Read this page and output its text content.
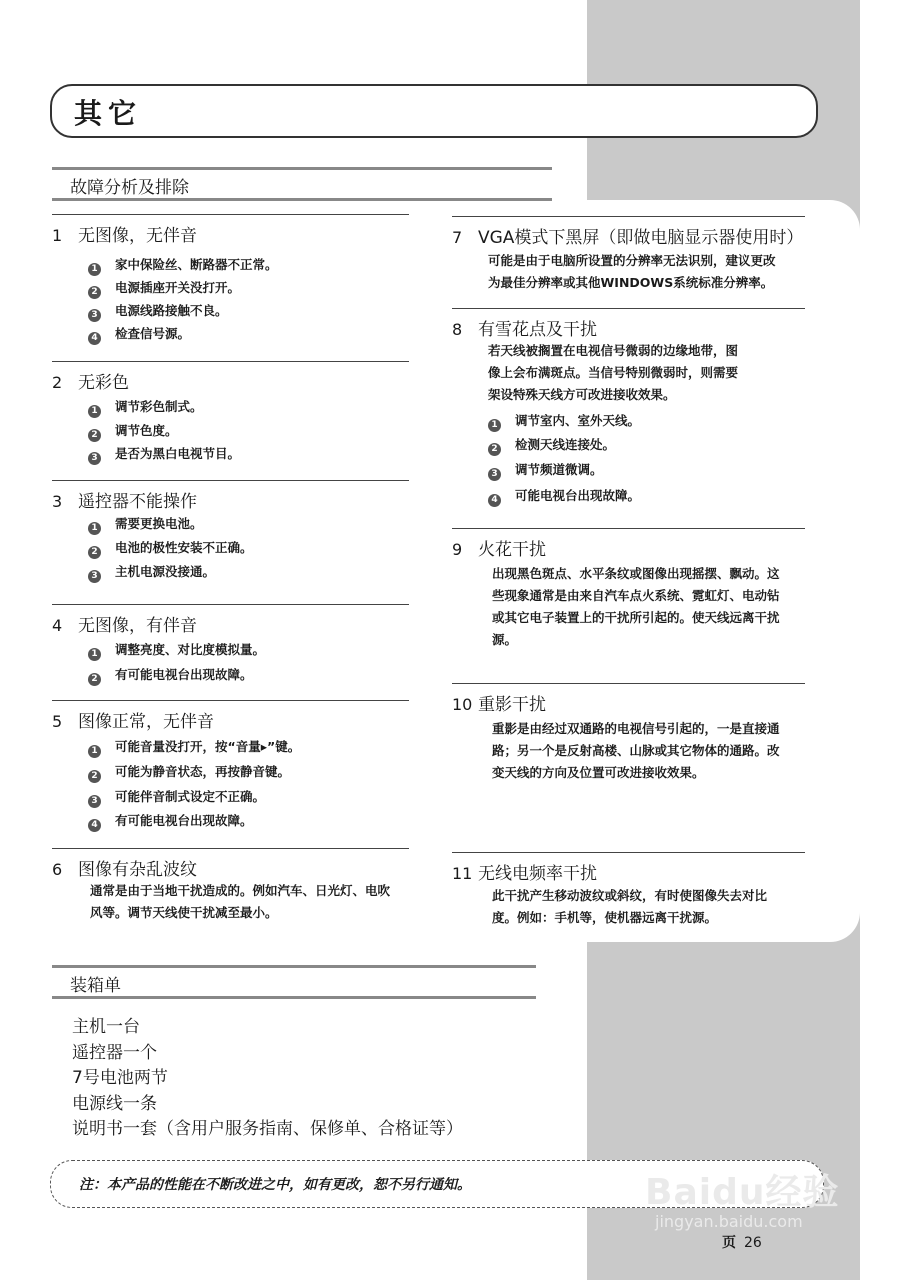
其它
故障分析及排除
1 无图像，无伴音
1 家中保险丝、断路器不正常。
2 电源插座开关没打开。
3 电源线路接触不良。
4 检查信号源。
2 无彩色
1 调节彩色制式。
2 调节色度。
3 是否为黑白电视节目。
3 遥控器不能操作
1 需要更换电池。
2 电池的极性安装不正确。
3 主机电源没接通。
4 无图像，有伴音
1 调整亮度、对比度模拟量。
2 有可能电视台出现故障。
5 图像正常，无伴音
1 可能音量没打开，按“音量▸”键。
2 可能为静音状态，再按静音键。
3 可能伴音制式设定不正确。
4 有可能电视台出现故障。
6 图像有杂乱波纹
通常是由于当地干扰造成的。例如汽车、日光灯、电吹
风等。调节天线使干扰减至最小。
7 VGA模式下黑屏（即做电脑显示器使用时）
可能是由于电脑所设置的分辨率无法识别，建议更改
为最佳分辨率或其他WINDOWS系统标准分辨率。
8 有雪花点及干扰
若天线被搁置在电视信号微弱的边缘地带，图
像上会布满斑点。当信号特别微弱时，则需要
架设特殊天线方可改进接收效果。
1 调节室内、室外天线。
2 检测天线连接处。
3 调节频道微调。
4 可能电视台出现故障。
9 火花干扰
出现黑色斑点、水平条纹或图像出现摇摆、飘动。这
些现象通常是由来自汽车点火系统、霓虹灯、电动钻
或其它电子装置上的干扰所引起的。使天线远离干扰
源。
10 重影干扰
重影是由经过双通路的电视信号引起的，一是直接通
路；另一个是反射高楼、山脉或其它物体的通路。改
变天线的方向及位置可改进接收效果。
11 无线电频率干扰
此干扰产生移动波纹或斜纹，有时使图像失去对比
度。例如：手机等，使机器远离干扰源。
装箱单
主机一台
遥控器一个
7号电池两节
电源线一条
说明书一套（含用户服务指南、保修单、合格证等）
注：本产品的性能在不断改进之中，如有更改，恕不另行通知。	Baidu经验
jingyan.baidu.com
页 26
